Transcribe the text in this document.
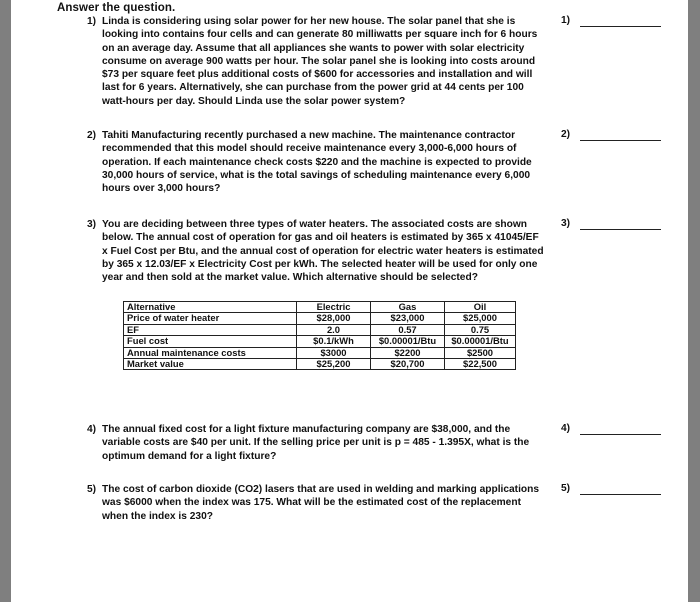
Answer the question.
1) Linda is considering using solar power for her new house. The solar panel that she is looking into contains four cells and can generate 80 milliwatts per square inch for 6 hours on an average day. Assume that all appliances she wants to power with solar electricity consume on average 900 watts per hour. The solar panel she is looking into costs around $73 per square feet plus additional costs of $600 for accessories and installation and will last for 6 years. Alternatively, she can purchase from the power grid at 44 cents per 100 watt-hours per day. Should Linda use the solar power system?
1)
2) Tahiti Manufacturing recently purchased a new machine. The maintenance contractor recommended that this model should receive maintenance every 3,000-6,000 hours of operation. If each maintenance check costs $220 and the machine is expected to provide 30,000 hours of service, what is the total savings of scheduling maintenance every 6,000 hours over 3,000 hours?
2)
3) You are deciding between three types of water heaters. The associated costs are shown below. The annual cost of operation for gas and oil heaters is estimated by 365 x 41045/EF x Fuel Cost per Btu, and the annual cost of operation for electric water heaters is estimated by 365 x 12.03/EF x Electricity Cost per kWh. The selected heater will be used for only one year and then sold at the market value. Which alternative should be selected?
3)
Alternative	Electric	Gas	Oil
Price of water heater	$28,000	$23,000	$25,000
EF	2.0	0.57	0.75
Fuel cost	$0.1/kWh	$0.00001/Btu	$0.00001/Btu
Annual maintenance costs	$3000	$2200	$2500
Market value	$25,200	$20,700	$22,500
4) The annual fixed cost for a light fixture manufacturing company are $38,000, and the variable costs are $40 per unit. If the selling price per unit is p = 485 - 1.395X, what is the optimum demand for a light fixture?
4)
5) The cost of carbon dioxide (CO2) lasers that are used in welding and marking applications was $6000 when the index was 175. What will be the estimated cost of the replacement when the index is 230?
5)
